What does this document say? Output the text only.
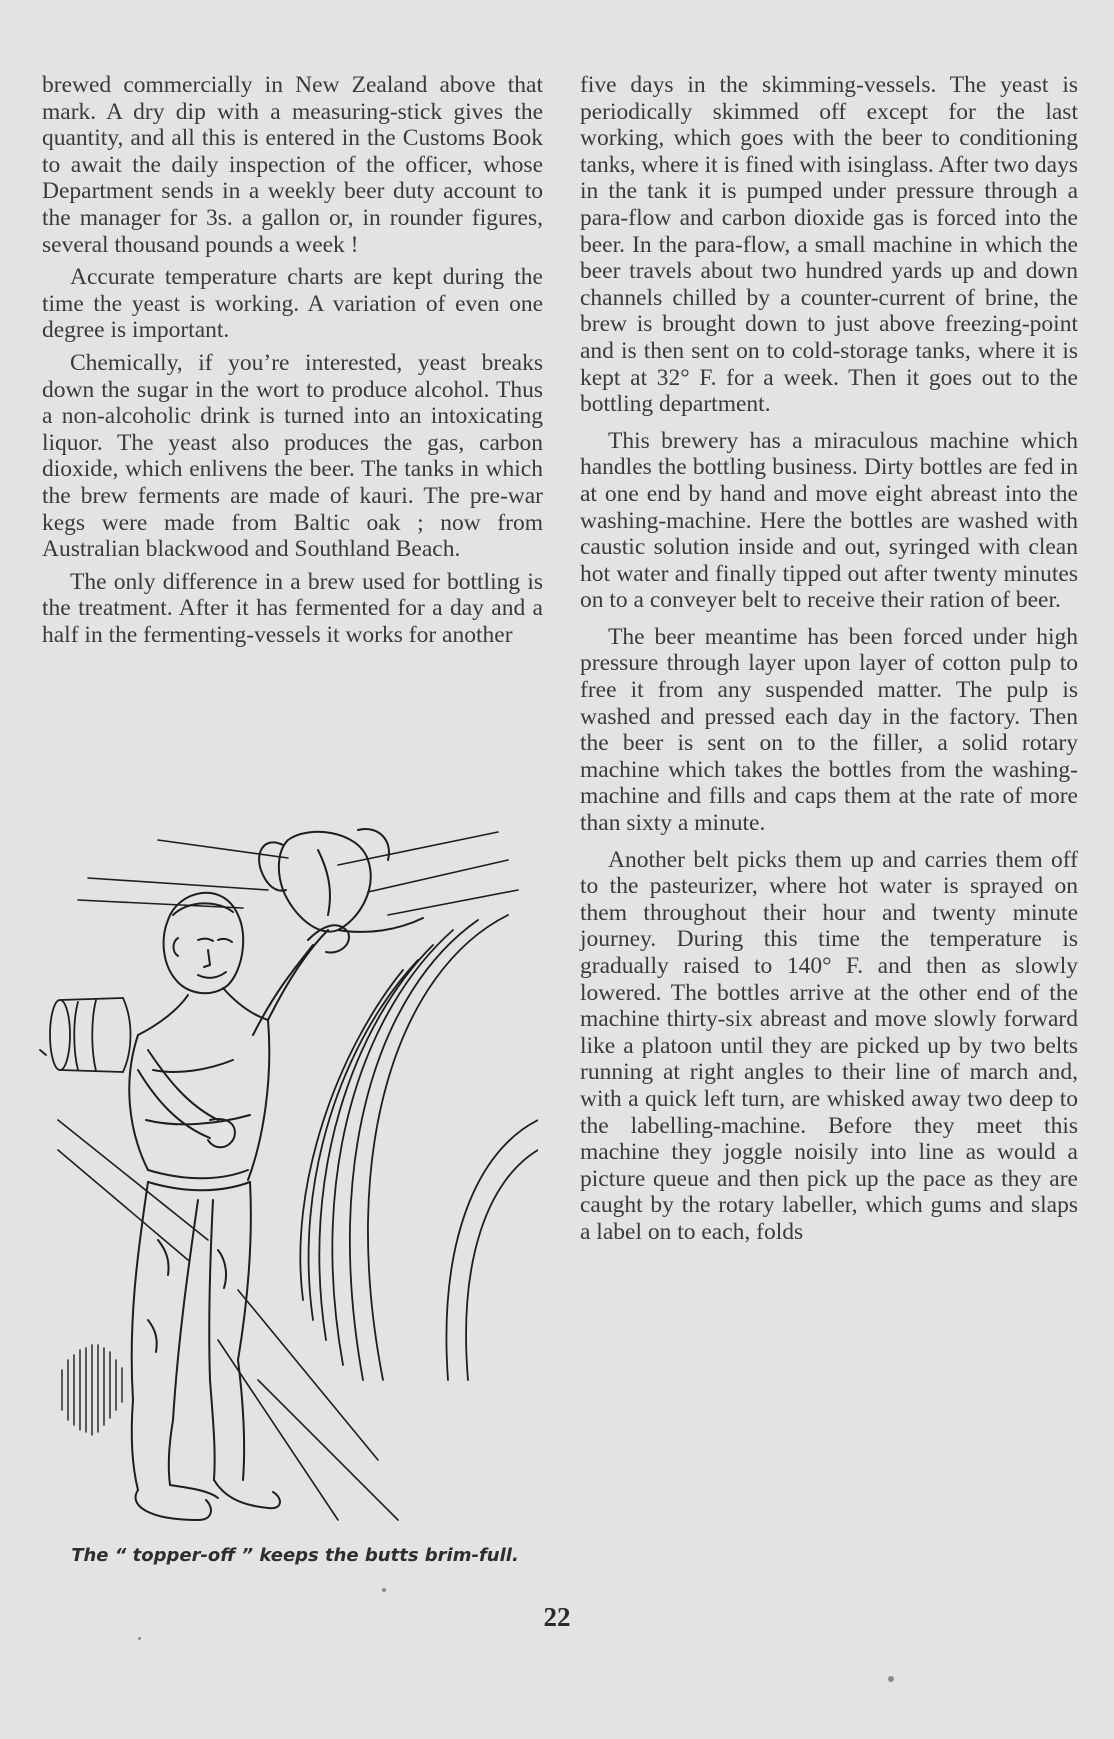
brewed commercially in New Zealand above that mark. A dry dip with a measuring-stick gives the quantity, and all this is entered in the Customs Book to await the daily inspection of the officer, whose Department sends in a weekly beer duty account to the manager for 3s. a gallon or, in rounder figures, several thousand pounds a week !

Accurate temperature charts are kept during the time the yeast is working. A variation of even one degree is important.

Chemically, if you’re interested, yeast breaks down the sugar in the wort to produce alcohol. Thus a non-alcoholic drink is turned into an intoxicating liquor. The yeast also produces the gas, carbon dioxide, which enlivens the beer. The tanks in which the brew ferments are made of kauri. The pre-war kegs were made from Baltic oak ; now from Australian blackwood and Southland Beach.

The only difference in a brew used for bottling is the treatment. After it has fermented for a day and a half in the fermenting-vessels it works for another

five days in the skimming-vessels. The yeast is periodically skimmed off except for the last working, which goes with the beer to conditioning tanks, where it is fined with isinglass. After two days in the tank it is pumped under pressure through a para-flow and carbon dioxide gas is forced into the beer. In the para-flow, a small machine in which the beer travels about two hundred yards up and down channels chilled by a counter-current of brine, the brew is brought down to just above freezing-point and is then sent on to cold-storage tanks, where it is kept at 32° F. for a week. Then it goes out to the bottling department.

This brewery has a miraculous machine which handles the bottling business. Dirty bottles are fed in at one end by hand and move eight abreast into the washing-machine. Here the bottles are washed with caustic solution inside and out, syringed with clean hot water and finally tipped out after twenty minutes on to a conveyer belt to receive their ration of beer.

The beer meantime has been forced under high pressure through layer upon layer of cotton pulp to free it from any suspended matter. The pulp is washed and pressed each day in the factory. Then the beer is sent on to the filler, a solid rotary machine which takes the bottles from the washing-machine and fills and caps them at the rate of more than sixty a minute.

Another belt picks them up and carries them off to the pasteurizer, where hot water is sprayed on them throughout their hour and twenty minute journey. During this time the temperature is gradually raised to 140° F. and then as slowly lowered. The bottles arrive at the other end of the machine thirty-six abreast and move slowly forward like a platoon until they are picked up by two belts running at right angles to their line of march and, with a quick left turn, are whisked away two deep to the labelling-machine. Before they meet this machine they joggle noisily into line as would a picture queue and then pick up the pace as they are caught by the rotary labeller, which gums and slaps a label on to each, folds

The “ topper-off ” keeps the butts brim-full.
22
